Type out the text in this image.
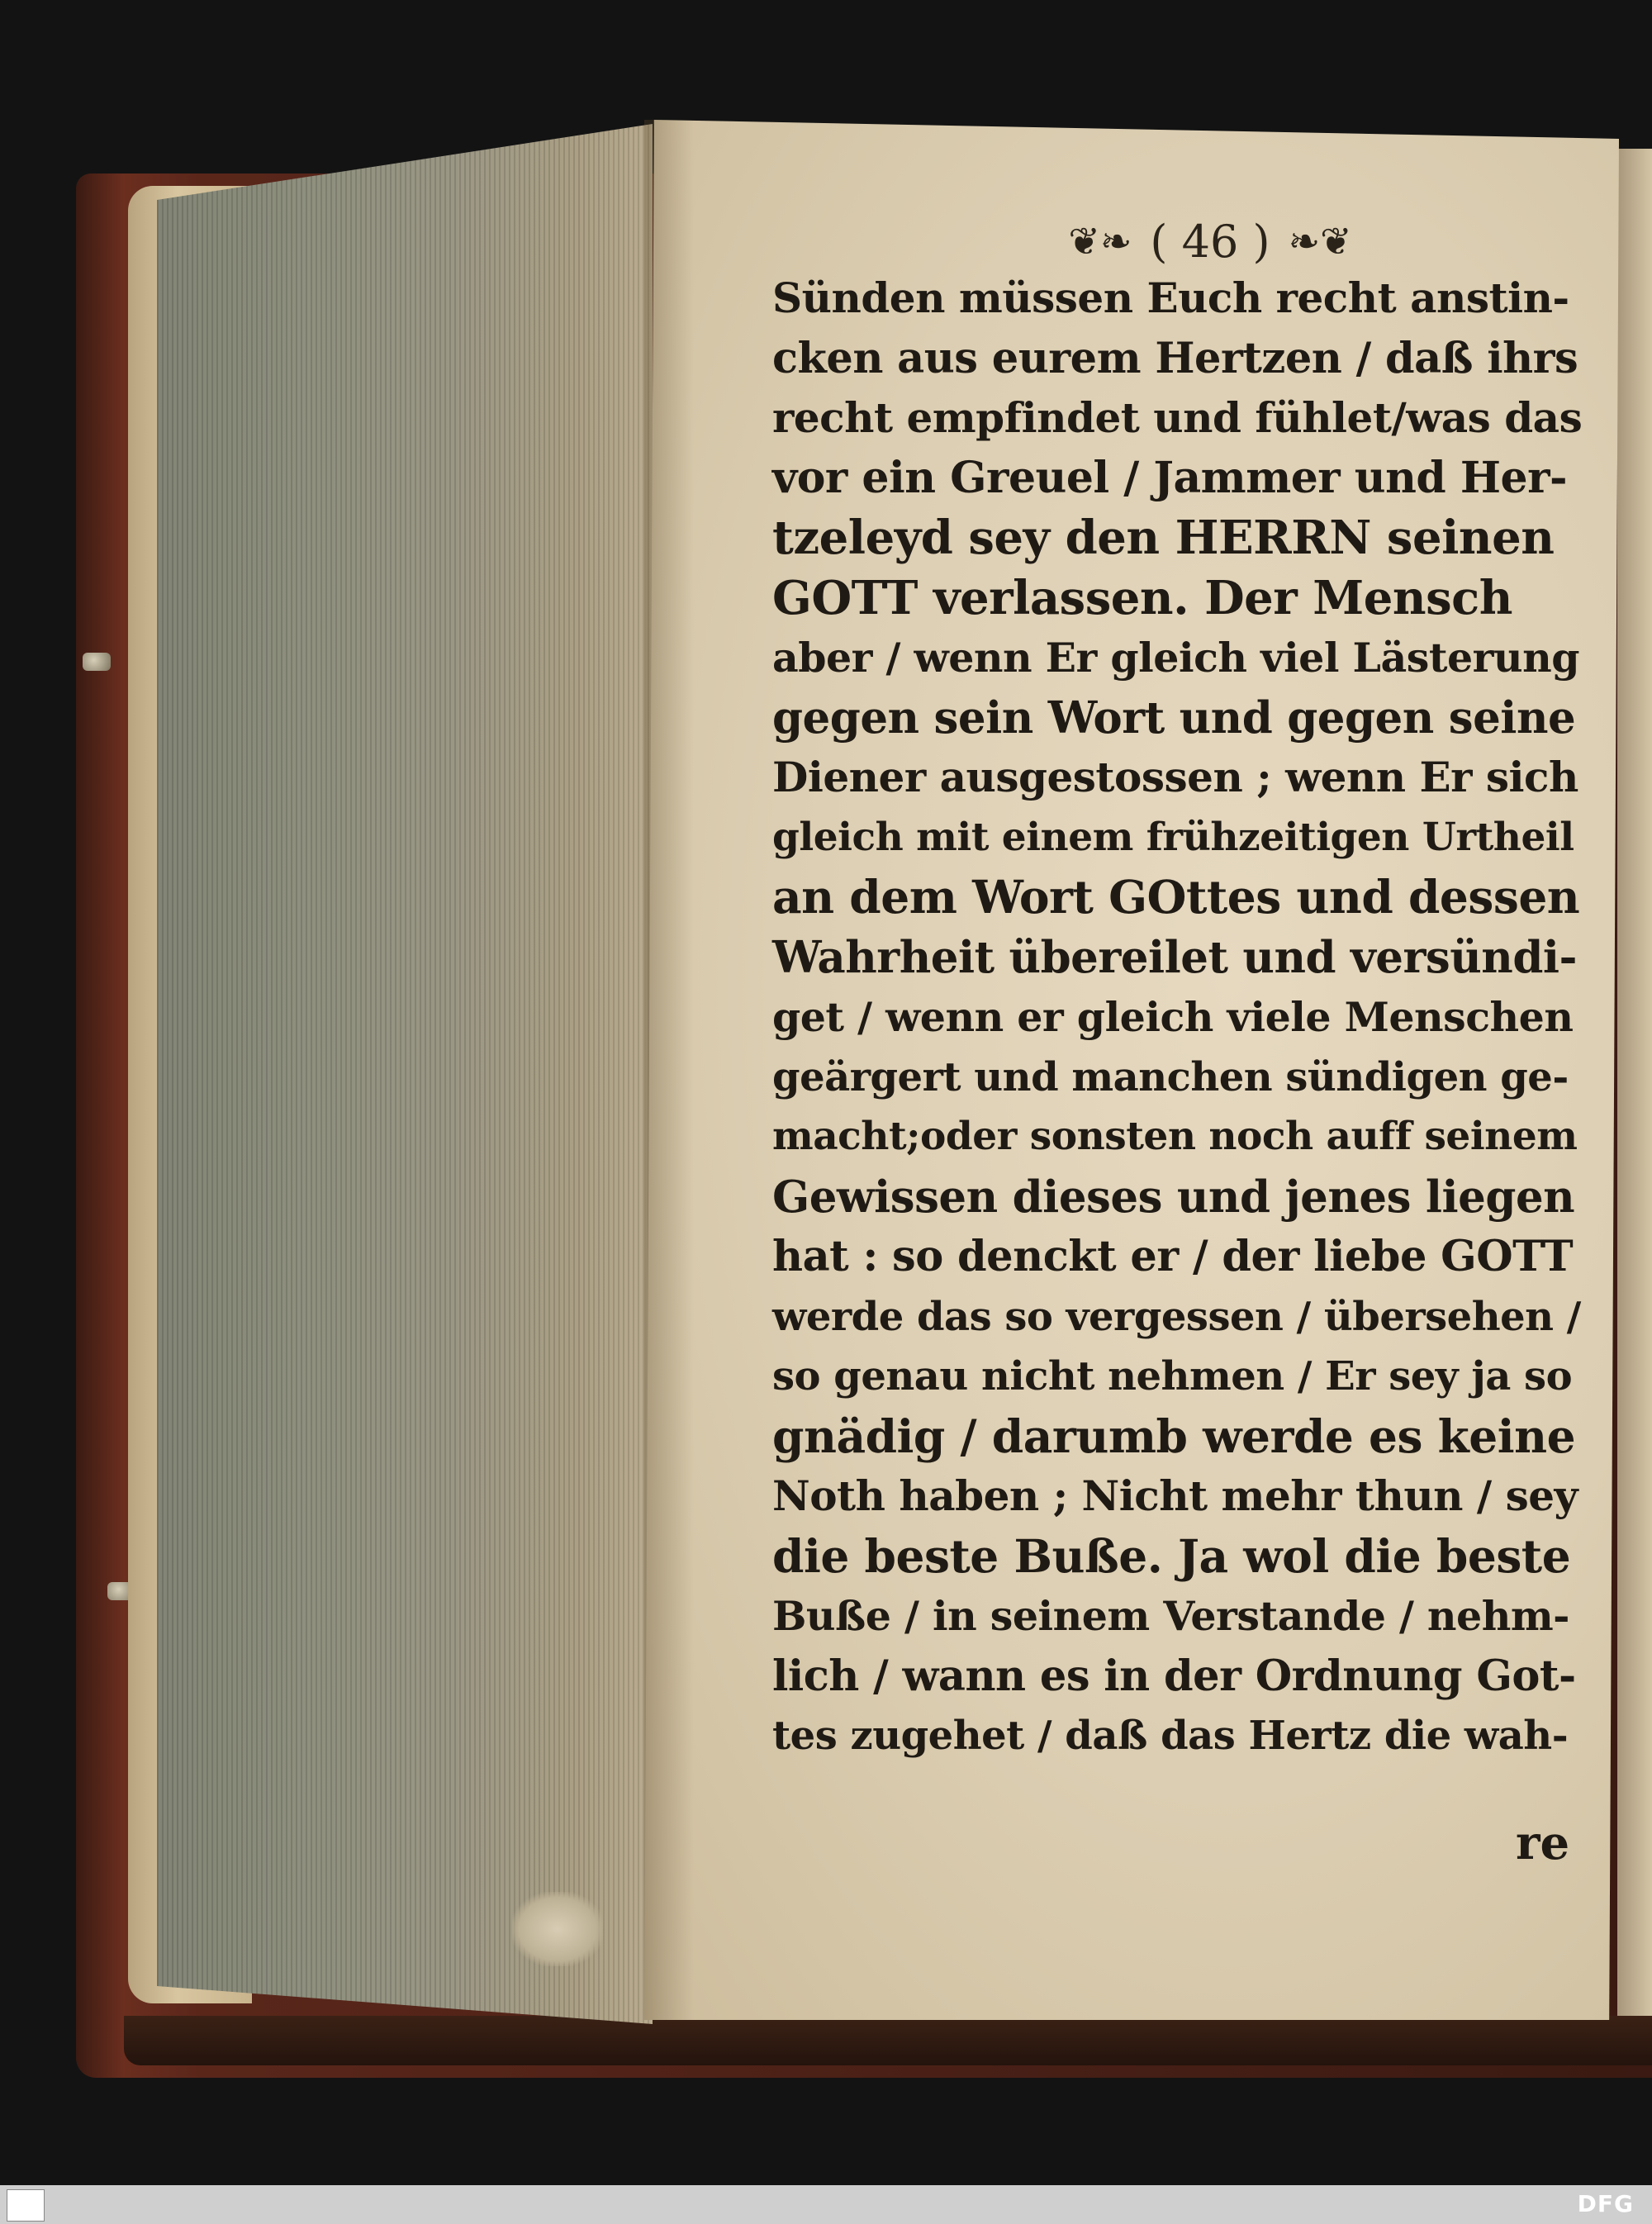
❦❧ ( 46 ) ❧❦
Sünden müssen Euch recht anstin-
cken aus eurem Hertzen / daß ihrs
recht empfindet und fühlet/was das
vor ein Greuel / Jammer und Her-
tzeleyd sey den HERRN seinen
GOTT verlassen. Der Mensch
aber / wenn Er gleich viel Lästerung
gegen sein Wort und gegen seine
Diener ausgestossen ; wenn Er sich
gleich mit einem frühzeitigen Urtheil
an dem Wort GOttes und dessen
Wahrheit übereilet und versündi-
get / wenn er gleich viele Menschen
geärgert und manchen sündigen ge-
macht;oder sonsten noch auff seinem
Gewissen dieses und jenes liegen
hat : so denckt er / der liebe GOTT
werde das so vergessen / übersehen /
so genau nicht nehmen / Er sey ja so
gnädig / darumb werde es keine
Noth haben ; Nicht mehr thun / sey
die beste Buße. Ja wol die beste
Buße / in seinem Verstande / nehm-
lich / wann es in der Ordnung Got-
tes zugehet / daß das Hertz die wah-
re
DFG
